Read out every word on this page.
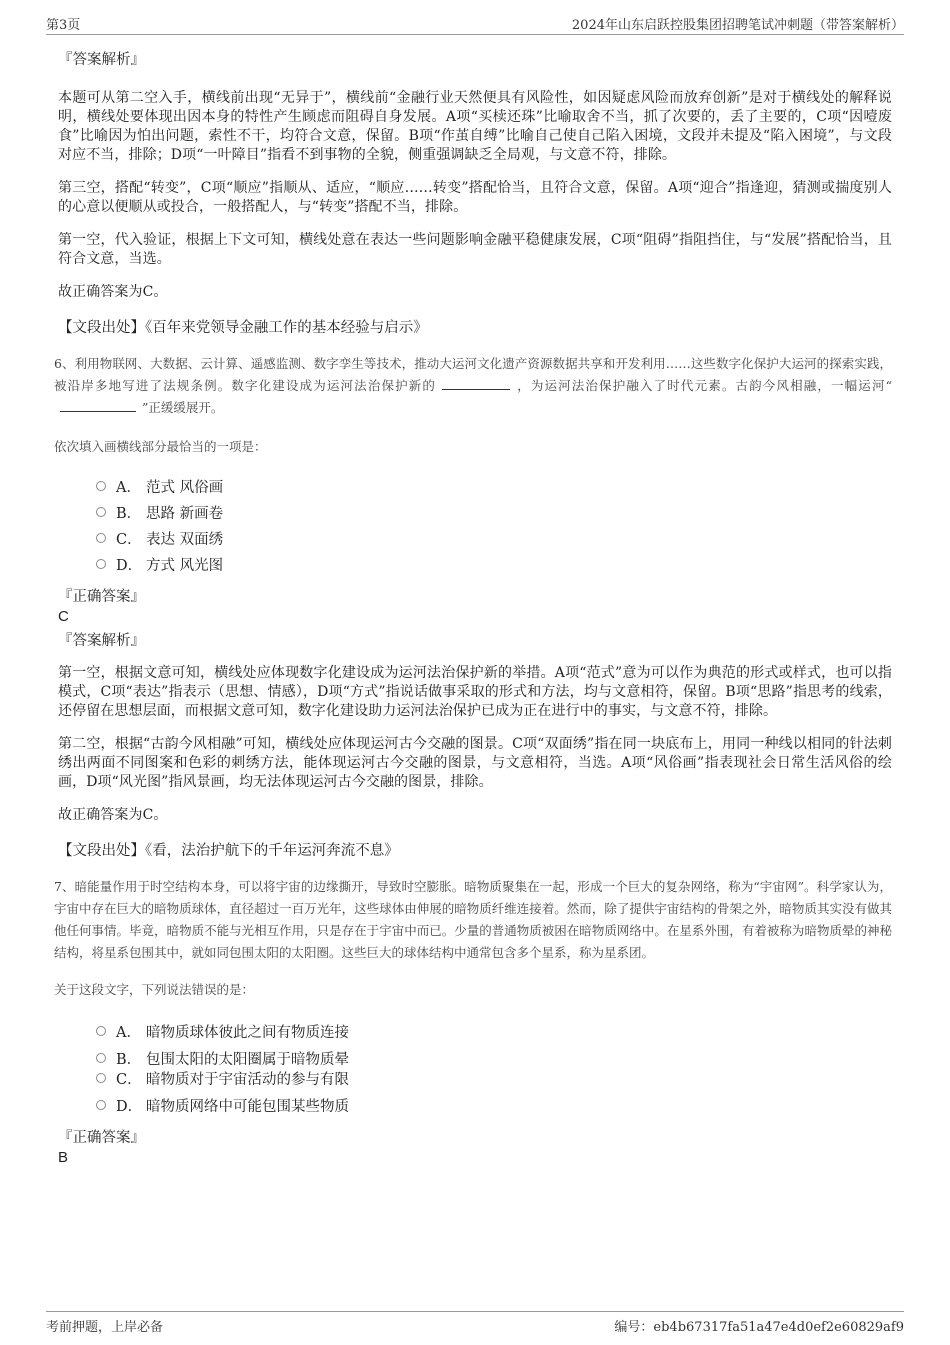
第3页	2024年山东启跃控股集团招聘笔试冲刺题（带答案解析）
『答案解析』

本题可从第二空入手，横线前出现“无异于”，横线前“金融行业天然便具有风险性，如因疑虑风险而放弃创新”是对于横线处的解释说明，横线处要体现出因本身的特性产生顾虑而阻碍自身发展。A项“买椟还珠”比喻取舍不当，抓了次要的，丢了主要的，C项“因噎废食”比喻因为怕出问题，索性不干，均符合文意，保留。B项“作茧自缚”比喻自己使自己陷入困境，文段并未提及“陷入困境”，与文段对应不当，排除；D项“一叶障目”指看不到事物的全貌，侧重强调缺乏全局观，与文意不符，排除。

第三空，搭配“转变”，C项“顺应”指顺从、适应，“顺应……转变”搭配恰当，且符合文意，保留。A项“迎合”指逢迎，猜测或揣度别人的心意以便顺从或投合，一般搭配人，与“转变”搭配不当，排除。

第一空，代入验证，根据上下文可知，横线处意在表达一些问题影响金融平稳健康发展，C项“阻碍”指阻挡住，与“发展”搭配恰当，且符合文意，当选。

故正确答案为C。

【文段出处】《百年来党领导金融工作的基本经验与启示》
6、利用物联网、大数据、云计算、遥感监测、数字孪生等技术，推动大运河文化遗产资源数据共享和开发利用……这些数字化保护大运河的探索实践，被沿岸多地写进了法规条例。数字化建设成为运河法治保护新的	，为运河法治保护融入了时代元素。古韵今风相融，一幅运河“”正缓缓展开。
依次填入画横线部分最恰当的一项是：
A． 范式 风俗画
B． 思路 新画卷
C． 表达 双面绣
D． 方式 风光图
『正确答案』
C
『答案解析』

第一空，根据文意可知，横线处应体现数字化建设成为运河法治保护新的举措。A项“范式”意为可以作为典范的形式或样式，也可以指模式，C项“表达”指表示（思想、情感），D项“方式”指说话做事采取的形式和方法，均与文意相符，保留。B项“思路”指思考的线索，还停留在思想层面，而根据文意可知，数字化建设助力运河法治保护已成为正在进行中的事实，与文意不符，排除。

第二空，根据“古韵今风相融”可知，横线处应体现运河古今交融的图景。C项“双面绣”指在同一块底布上，用同一种线以相同的针法刺绣出两面不同图案和色彩的刺绣方法，能体现运河古今交融的图景，与文意相符，当选。A项“风俗画”指表现社会日常生活风俗的绘画，D项“风光图”指风景画，均无法体现运河古今交融的图景，排除。

故正确答案为C。

【文段出处】《看，法治护航下的千年运河奔流不息》
7、暗能量作用于时空结构本身，可以将宇宙的边缘撕开，导致时空膨胀。暗物质聚集在一起，形成一个巨大的复杂网络，称为“宇宙网”。科学家认为，宇宙中存在巨大的暗物质球体，直径超过一百万光年，这些球体由伸展的暗物质纤维连接着。然而，除了提供宇宙结构的骨架之外，暗物质其实没有做其他任何事情。毕竟，暗物质不能与光相互作用，只是存在于宇宙中而已。少量的普通物质被困在暗物质网络中。在星系外围，有着被称为暗物质晕的神秘结构，将星系包围其中，就如同包围太阳的太阳圈。这些巨大的球体结构中通常包含多个星系，称为星系团。
关于这段文字，下列说法错误的是：
A． 暗物质球体彼此之间有物质连接
B． 包围太阳的太阳圈属于暗物质晕
C． 暗物质对于宇宙活动的参与有限
D． 暗物质网络中可能包围某些物质
『正确答案』
B
考前押题，上岸必备	编号：eb4b67317fa51a47e4d0ef2e60829af9
